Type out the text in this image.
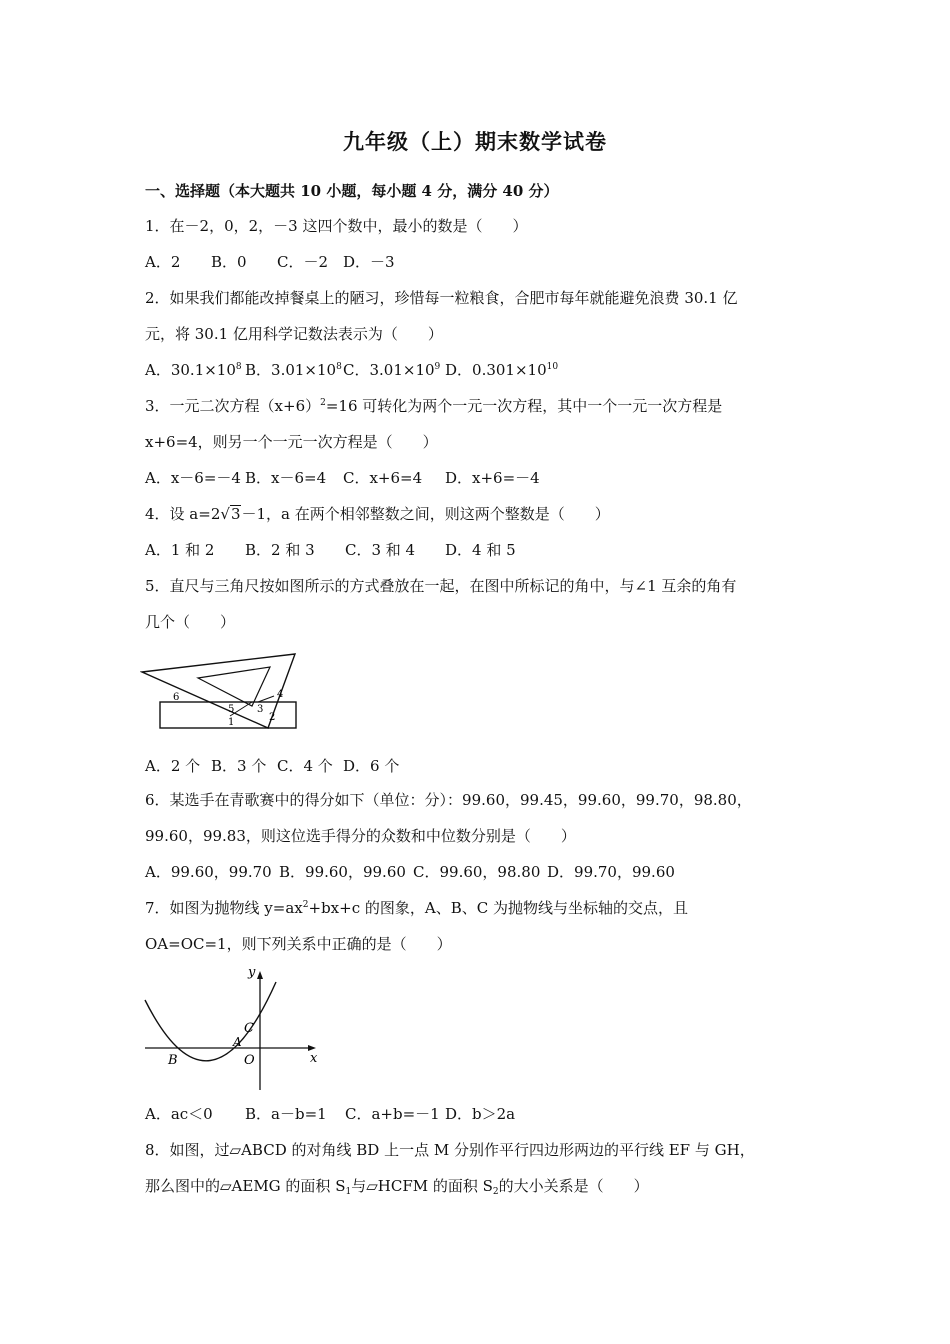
九年级（上）期末数学试卷
一、选择题（本大题共 10 小题，每小题 4 分，满分 40 分）
1．在－2，0，2，－3 这四个数中，最小的数是（　　）
A．2 B．0 C．－2 D．－3
2．如果我们都能改掉餐桌上的陋习，珍惜每一粒粮食，合肥市每年就能避免浪费 30.1 亿
元，将 30.1 亿用科学记数法表示为（　　）
A．$30.1\times 10^8$ B．$3.01\times 10^8C$．$3.01\times 10^9$ D．$0.301\times 10^{10}$
3．一元二次方程$(x+6)^2=16$ 可转化为两个一元一次方程，其中一个一元一次方程是
x+6=4，则另一个一元一次方程是（　　）
A．x－6=－4 B．x－6=4 C．x+6=4 D．x+6=－4
4．设 a=2√3－1，a 在两个相邻整数之间，则这两个整数是（　　）
A．1 和 2 B．2 和 3 C．3 和 4 D．4 和 5
5．直尺与三角尺按如图所示的方式叠放在一起，在图中所标记的角中，与∠1 互余的角有
几个（　　）
6
5
1
3
4
2
A．2 个 B．3 个 C．4 个 D．6 个
6．某选手在青歌赛中的得分如下（单位：分）：99.60，99.45，99.60，99.70，98.80，
99.60，99.83，则这位选手得分的众数和中位数分别是（　　）
A．99.60，99.70 B．99.60，99.60 C．99.60，98.80 D．99.70，99.60
7．如图为抛物线 $y=ax^2+bx+c$ 的图象，A、B、C 为抛物线与坐标轴的交点，且
OA=OC=1，则下列关系中正确的是（　　）
y
x
C
A
B	O
A．ac＜0 B．a－b=1 C．a+b=－1 D．b＞2a
8．如图，过▱ABCD 的对角线 BD 上一点 M 分别作平行四边形两边的平行线 EF 与 GH，
那么图中的▱AEMG 的面积 $S_1$与▱HCFM 的面积 $S_2$的大小关系是（　　）
